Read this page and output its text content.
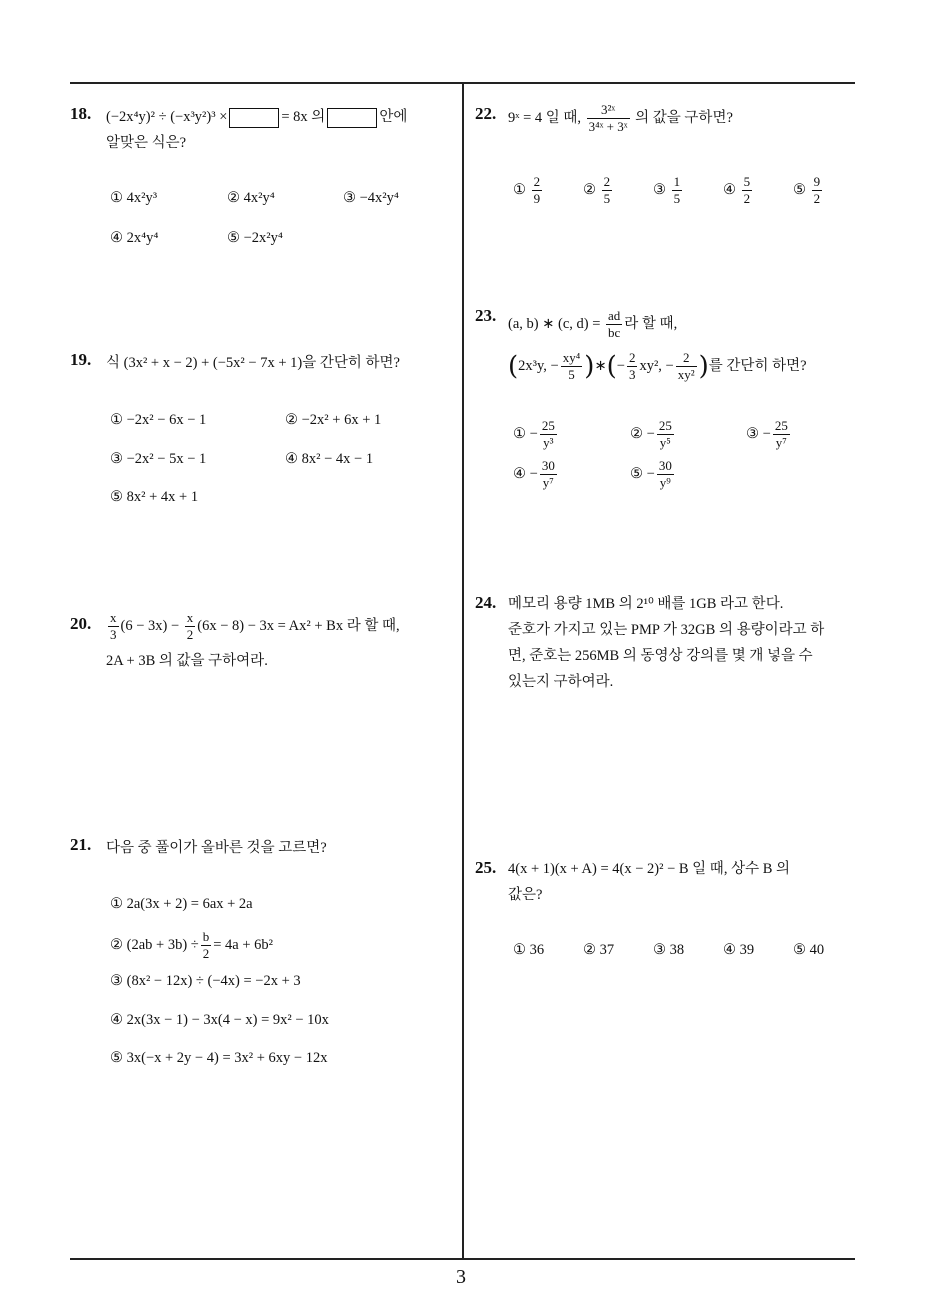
18. (−2x⁴y)² ÷ (−x³y²)³ ×	= 8x 의	안에
알맞은 식은?
① 4x²y³	② 4x²y⁴	③ −4x²y⁴
④ 2x⁴y⁴	⑤ −2x²y⁴
19. 식 (3x² + x − 2) + (−5x² − 7x + 1)을 간단히 하면?
① −2x² − 6x − 1	② −2x² + 6x + 1
③ −2x² − 5x − 1	④ 8x² − 4x − 1
⑤ 8x² + 4x + 1
20. $\frac{x}{3} (6 - 3x) - \frac{x}{2} (6x - 8) - 3x = Ax^2 + Bx$ 라 할 때,
2A + 3B 의 값을 구하여라.
21. 다음 중 풀이가 올바른 것을 고르면?
① 2a(3x + 2) = 6ax + 2a
② $(2ab + 3b) \div \frac{b}{2} = 4a + 6b^2$
③ (8x² − 12x) ÷ (−4x) = −2x + 3
④ 2x(3x − 1) − 3x(4 − x) = 9x² − 10x
⑤ 3x(−x + 2y − 4) = 3x² + 6xy − 12x
22. 9ˣ = 4 일 때, $\frac{\text{3²ˣ}}{\text{3⁴ˣ + 3ˣ}}$ 의 값을 구하면?
① $\frac{2}{9}$	② $\frac{2}{5}$	③ $\frac{1}{5}$	④ $\frac{5}{2}$	⑤ $\frac{9}{2}$
23. (a, b) ∗ (c, $d) = \frac{ad}{bc}$ 라 할 때,
(2x³y, − $\frac{\text{xy⁴}}{5}$ )∗(− $\frac{2}{3} xy^2$, − $\frac{2}{\text{xy²}}$ )를 간단히 하면?
① − $\frac{25}{\text{y³}}$	② − $\frac{25}{\text{y⁵}}$	③ − $\frac{25}{\text{y⁷}}$
④ − $\frac{30}{\text{y⁷}}$	⑤ − $\frac{30}{\text{y⁹}}$
24. 메모리 용량 1MB 의 2¹⁰ 배를 1GB 라고 한다.
준호가 가지고 있는 PMP 가 32GB 의 용량이라고 하
면, 준호는 256MB 의 동영상 강의를 몇 개 넣을 수
있는지 구하여라.
25. 4(x + 1)(x + A) = 4(x − 2)² − B 일 때, 상수 B 의
값은?
① 36	② 37	③ 38	④ 39	⑤ 40
3
